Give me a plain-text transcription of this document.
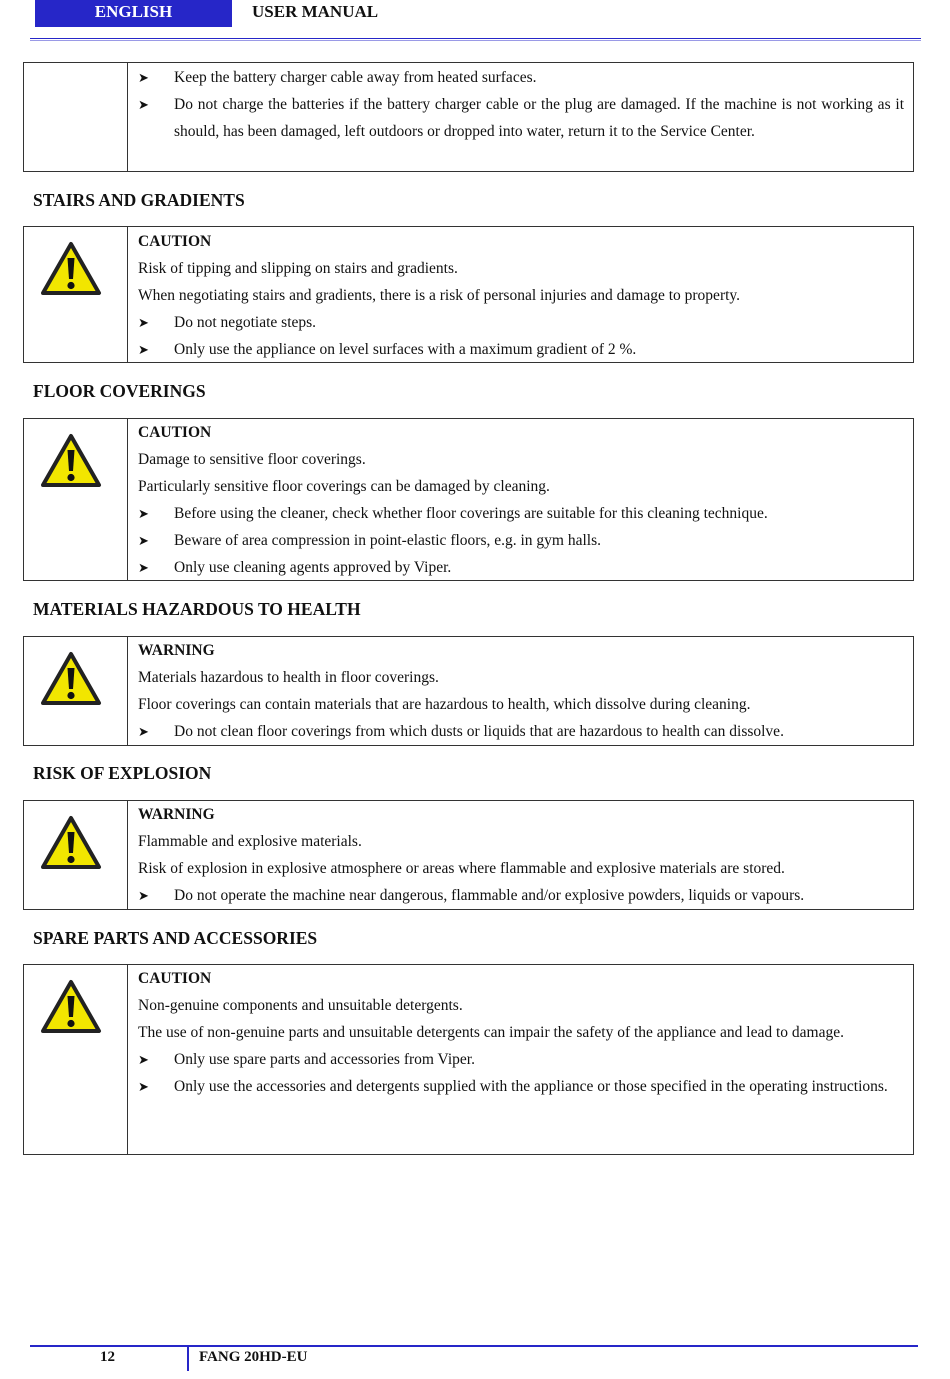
ENGLISH	USER MANUAL
➤	Keep the battery charger cable away from heated surfaces.
➤	Do not charge the batteries if the battery charger cable or the plug are damaged. If the machine is not working as it should, has been damaged, left outdoors or dropped into water, return it to the Service Center.
STAIRS AND GRADIENTS
CAUTION
Risk of tipping and slipping on stairs and gradients.
When negotiating stairs and gradients, there is a risk of personal injuries and damage to property.
➤	Do not negotiate steps.
➤	Only use the appliance on level surfaces with a maximum gradient of 2 %.
FLOOR COVERINGS
CAUTION
Damage to sensitive floor coverings.
Particularly sensitive floor coverings can be damaged by cleaning.
➤	Before using the cleaner, check whether floor coverings are suitable for this cleaning technique.
➤	Beware of area compression in point-elastic floors, e.g. in gym halls.
➤	Only use cleaning agents approved by Viper.
MATERIALS HAZARDOUS TO HEALTH
WARNING
Materials hazardous to health in floor coverings.
Floor coverings can contain materials that are hazardous to health, which dissolve during cleaning.
➤	Do not clean floor coverings from which dusts or liquids that are hazardous to health can dissolve.
RISK OF EXPLOSION
WARNING
Flammable and explosive materials.
Risk of explosion in explosive atmosphere or areas where flammable and explosive materials are stored.
➤	Do not operate the machine near dangerous, flammable and/or explosive powders, liquids or vapours.
SPARE PARTS AND ACCESSORIES
CAUTION
Non-genuine components and unsuitable detergents.
The use of non-genuine parts and unsuitable detergents can impair the safety of the appliance and lead to damage.
➤	Only use spare parts and accessories from Viper.
➤	Only use the accessories and detergents supplied with the appliance or those specified in the operating instructions.
12	FANG 20HD-EU
